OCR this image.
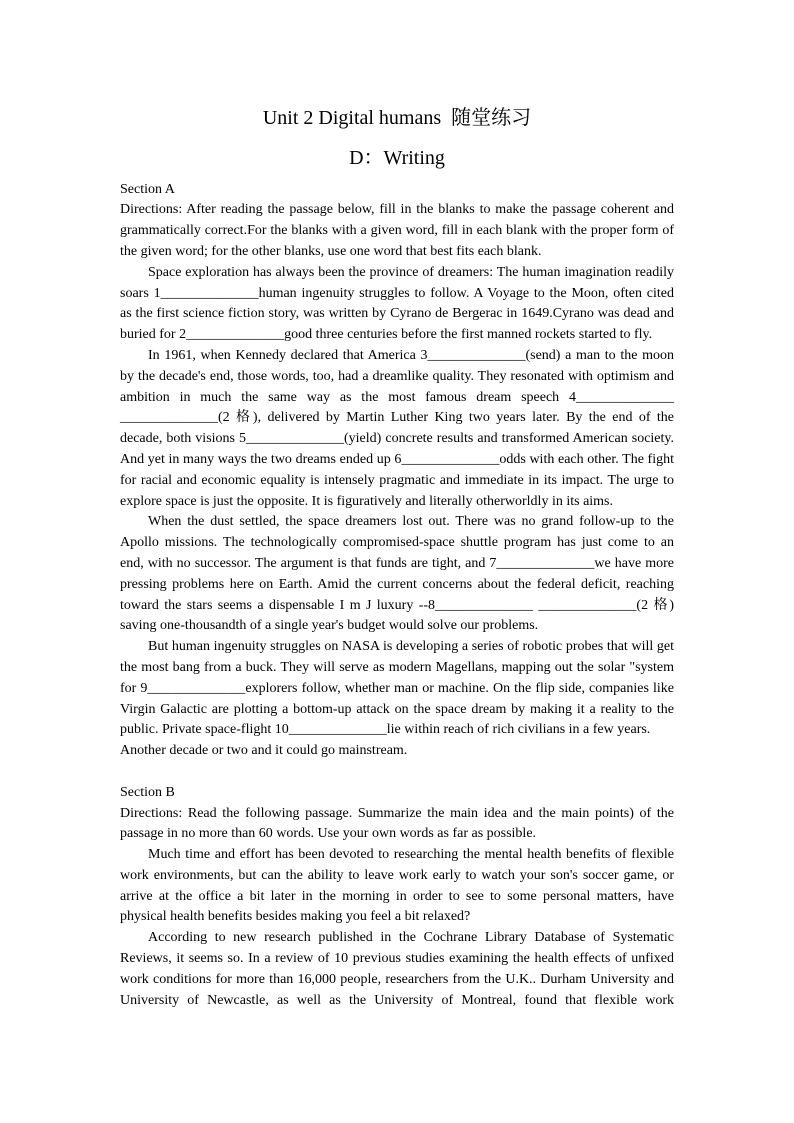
Unit 2 Digital humans  随堂练习
D：Writing
Section A
Directions: After reading the passage below, fill in the blanks to make the passage coherent and
grammatically correct.For the blanks with a given word, fill in each blank with the proper form of
the given word; for the other blanks, use one word that best fits each blank.
Space exploration has always been the province of dreamers: The human imagination readily
soars 1______________human ingenuity struggles to follow. A Voyage to the Moon, often cited
as the first science fiction story, was written by Cyrano de Bergerac in 1649.Cyrano was dead and
buried for 2______________good three centuries before the first manned rockets started to fly.
In 1961, when Kennedy declared that America 3______________(send) a man to the moon
by the decade's end, those words, too, had a dreamlike quality. They resonated with optimism and
ambition in much the same way as the most famous dream speech 4______________
______________(2 格), delivered by Martin Luther King two years later. By the end of the
decade, both visions 5______________(yield) concrete results and transformed American society.
And yet in many ways the two dreams ended up 6______________odds with each other. The fight
for racial and economic equality is intensely pragmatic and immediate in its impact. The urge to
explore space is just the opposite. It is figuratively and literally otherworldly in its aims.
When the dust settled, the space dreamers lost out. There was no grand follow-up to the
Apollo missions. The technologically compromised-space shuttle program has just come to an
end, with no successor. The argument is that funds are tight, and 7______________we have more
pressing problems here on Earth. Amid the current concerns about the federal deficit, reaching
toward the stars seems a dispensable I m J luxury --8______________ ______________(2 格)
saving one-thousandth of a single year's budget would solve our problems.
But human ingenuity struggles on NASA is developing a series of robotic probes that will get
the most bang from a buck. They will serve as modern Magellans, mapping out the solar "system
for 9______________explorers follow, whether man or machine. On the flip side, companies like
Virgin Galactic are plotting a bottom-up attack on the space dream by making it a reality to the
public. Private space-flight 10______________lie within reach of rich civilians in a few years.
Another decade or two and it could go mainstream.
Section B
Directions: Read the following passage. Summarize the main idea and the main points) of the
passage in no more than 60 words. Use your own words as far as possible.
Much time and effort has been devoted to researching the mental health benefits of flexible
work environments, but can the ability to leave work early to watch your son's soccer game, or
arrive at the office a bit later in the morning in order to see to some personal matters, have
physical health benefits besides making you feel a bit relaxed?
According to new research published in the Cochrane Library Database of Systematic
Reviews, it seems so. In a review of 10 previous studies examining the health effects of unfixed
work conditions for more than 16,000 people, researchers from the U.K.. Durham University and
University of Newcastle, as well as the University of Montreal, found that flexible work
